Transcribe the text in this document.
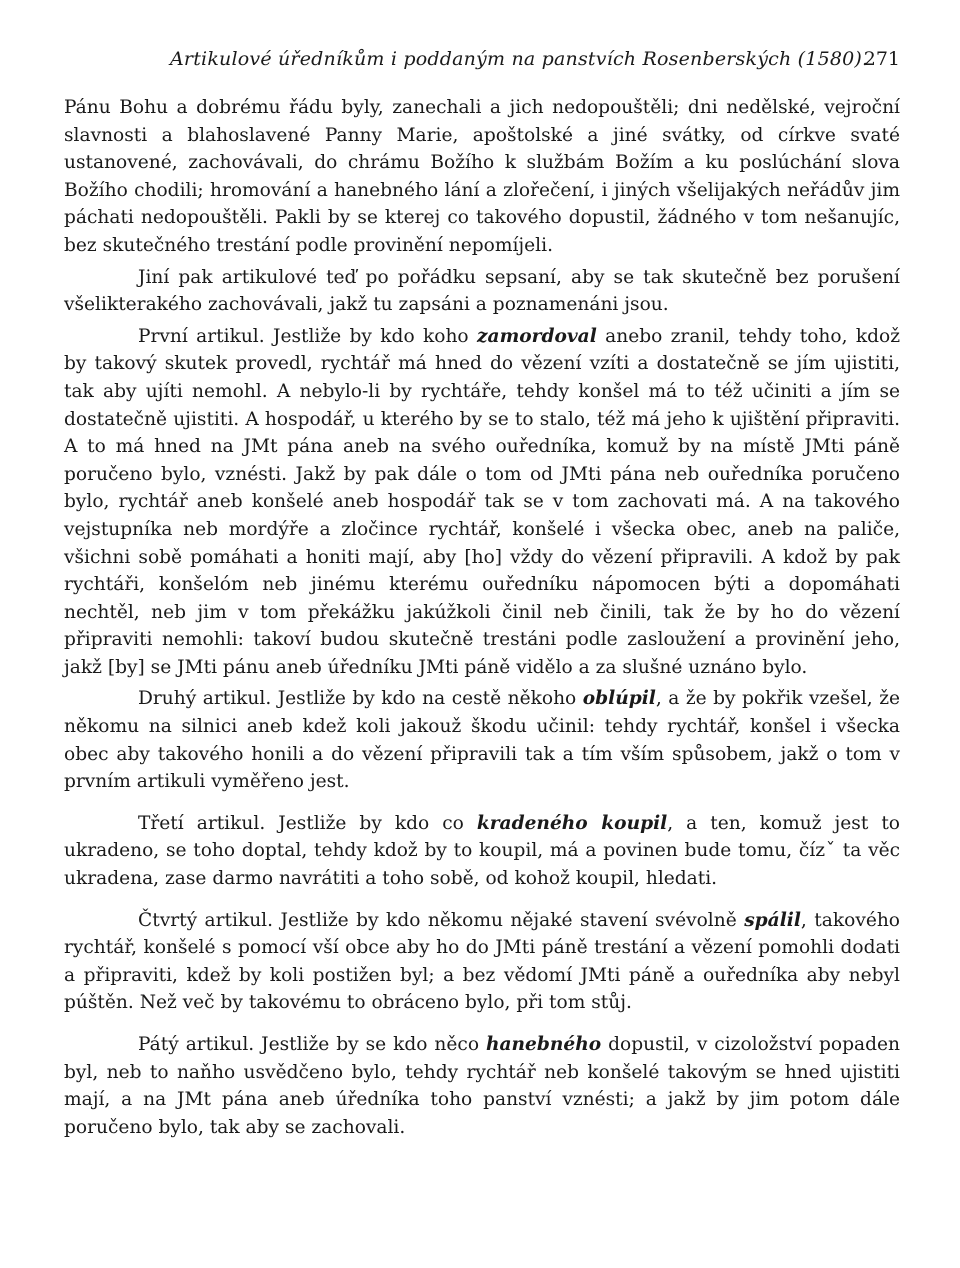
Artikulové úředníkům i poddaným na panstvích Rosenberských (1580).
271

Pánu Bohu a dobrému řádu byly, zanechali a jich nedopouštěli; dni nedělské, vejroční slavnosti a blahoslavené Panny Marie, apoštolské a jiné svátky, od církve svaté ustanovené, zachovávali, do chrámu Božího k službám Božím a ku poslúchání slova Božího chodili; hromování a hanebného lání a zlořečení, i jiných všelijakých neřádův jim páchati nedopouštěli. Pakli by se kterej co takového dopustil, žádného v tom nešanujíc, bez skutečného trestání podle provinění nepomíjeli.

Jiní pak artikulové teď po pořádku sepsaní, aby se tak skutečně bez porušení všelikterakého zachovávali, jakž tu zapsáni a poznamenáni jsou.

První artikul. Jestliže by kdo koho zamordoval anebo zranil, tehdy toho, kdož by takový skutek provedl, rychtář má hned do vězení vzíti a dostatečně se jím ujistiti, tak aby ujíti nemohl. A nebylo-li by rychtáře, tehdy konšel má to též učiniti a jím se dostatečně ujistiti. A hospodář, u kterého by se to stalo, též má jeho k ujištění připraviti. A to má hned na JMt pána aneb na svého ouředníka, komuž by na místě JMti páně poručeno bylo, vznésti. Jakž by pak dále o tom od JMti pána neb ouředníka poručeno bylo, rychtář aneb konšelé aneb hospodář tak se v tom zachovati má. A na takového vejstupníka neb mordýře a zločince rychtář, konšelé i všecka obec, aneb na paliče, všichni sobě pomáhati a honiti mají, aby [ho] vždy do vězení připravili. A kdož by pak rychtáři, konšelóm neb jinému kterému ouředníku nápomocen býti a dopomáhati nechtěl, neb jim v tom překážku jakúžkoli činil neb činili, tak že by ho do vězení připraviti nemohli: takoví budou skutečně trestáni podle zasloužení a provinění jeho, jakž [by] se JMti pánu aneb úředníku JMti páně vidělo a za slušné uznáno bylo.

Druhý artikul. Jestliže by kdo na cestě někoho oblúpil, a že by pokřik vzešel, že někomu na silnici aneb kdež koli jakouž škodu učinil: tehdy rychtář, konšel i všecka obec aby takového honili a do vězení připravili tak a tím vším spůsobem, jakž o tom v prvním artikuli vyměřeno jest.

Třetí artikul. Jestliže by kdo co kradeného koupil, a ten, komuž jest to ukradeno, se toho doptal, tehdy kdož by to koupil, má a povinen bude tomu, čízˇ ta věc ukradena, zase darmo navrátiti a toho sobě, od kohož koupil, hledati.

Čtvrtý artikul. Jestliže by kdo někomu nějaké stavení svévolně spálil, takového rychtář, konšelé s pomocí vší obce aby ho do JMti páně trestání a vězení pomohli dodati a připraviti, kdež by koli postižen byl; a bez vědomí JMti páně a ouředníka aby nebyl púštěn. Než več by takovému to obráceno bylo, při tom stůj.

Pátý artikul. Jestliže by se kdo něco hanebného dopustil, v cizoložství popaden byl, neb to naňho usvědčeno bylo, tehdy rychtář neb konšelé takovým se hned ujistiti mají, a na JMt pána aneb úředníka toho panství vznésti; a jakž by jim potom dále poručeno bylo, tak aby se zachovali.
